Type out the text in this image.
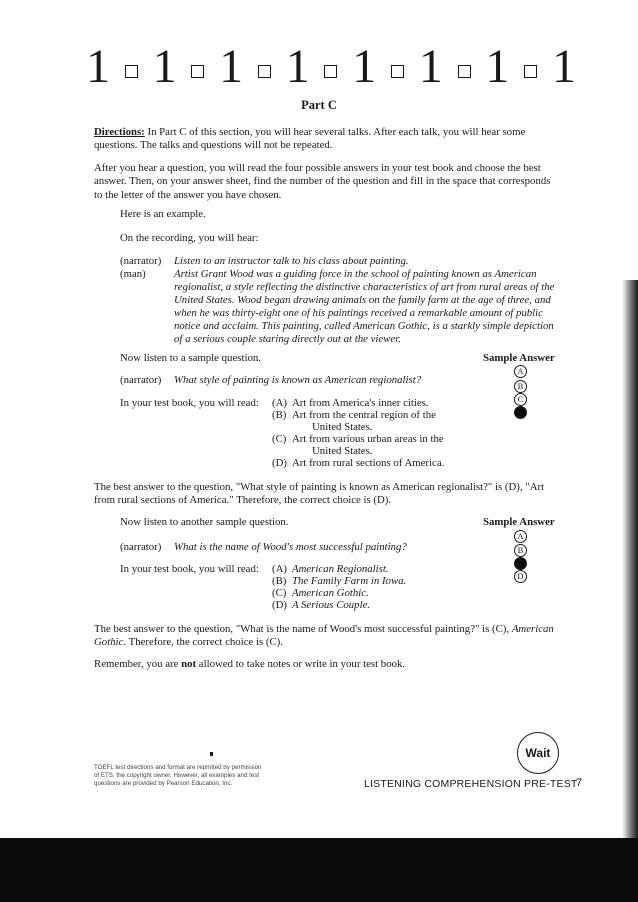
1 1 1 1 1 1 1 1
Part C
Directions: In Part C of this section, you will hear several talks. After each talk, you will hear some questions. The talks and questions will not be repeated.
After you hear a question, you will read the four possible answers in your test book and choose the best answer. Then, on your answer sheet, find the number of the question and fill in the space that corresponds to the letter of the answer you have chosen.
Here is an example.
On the recording, you will hear:
(narrator) Listen to an instructor talk to his class about painting.
(man)	Artist Grant Wood was a guiding force in the school of painting known as American
regionalist, a style reflecting the distinctive characteristics of art from rural areas of the
United States. Wood began drawing animals on the family farm at the age of three, and
when he was thirty-eight one of his paintings received a remarkable amount of public
notice and acclaim. This painting, called American Gothic, is a starkly simple depiction
of a serious couple staring directly out at the viewer.
Now listen to a sample question.	Sample Answer
A
B
C
(narrator) What style of painting is known as American regionalist?
In your test book, you will read: (A) Art from America's inner cities.
(B) Art from the central region of the
United States.
(C) Art from various urban areas in the
United States.
(D) Art from rural sections of America.
The best answer to the question, "What style of painting is known as American regionalist?" is (D), "Art from rural sections of America." Therefore, the correct choice is (D).
Now listen to another sample question.	Sample Answer
A
B
D
(narrator) What is the name of Wood's most successful painting?
In your test book, you will read: (A) American Regionalist.
(B) The Family Farm in Iowa.
(C) American Gothic.
(D) A Serious Couple.
The best answer to the question, "What is the name of Wood's most successful painting?" is (C), American Gothic. Therefore, the correct choice is (C).
Remember, you are not allowed to take notes or write in your test book.
TOEFL test directions and format are reprinted by permission
of ETS, the copyright owner. However, all examples and test
questions are provided by Pearson Education, Inc.
Wait
LISTENING COMPREHENSION PRE-TEST
7
